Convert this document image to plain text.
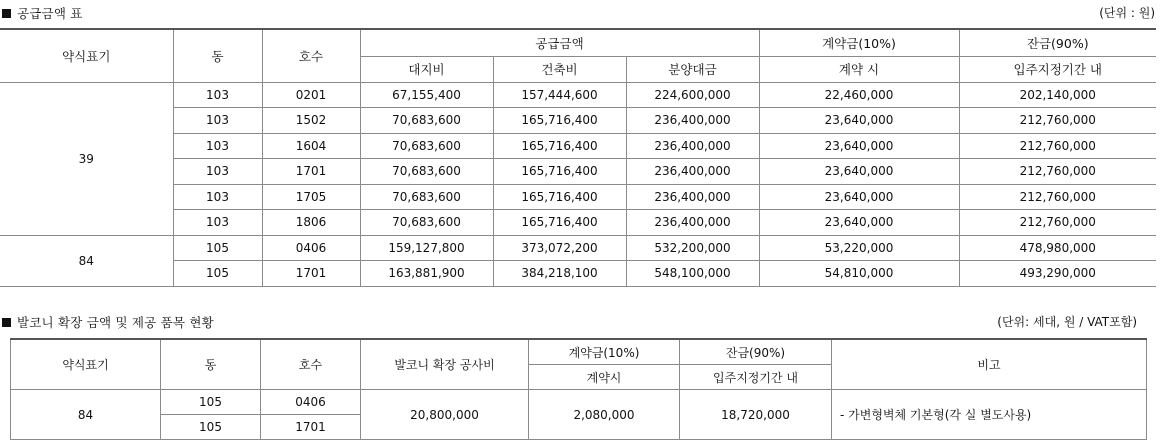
공급금액 표	(단위 : 원)
약식표기	동	호수	공급금액			계약금(10%)	잔금(90%)
			대지비	건축비	분양대금	계약 시	입주지정기간 내
39	103	0201	67,155,400	157,444,600	224,600,000	22,460,000	202,140,000
	103	1502	70,683,600	165,716,400	236,400,000	23,640,000	212,760,000
	103	1604	70,683,600	165,716,400	236,400,000	23,640,000	212,760,000
	103	1701	70,683,600	165,716,400	236,400,000	23,640,000	212,760,000
	103	1705	70,683,600	165,716,400	236,400,000	23,640,000	212,760,000
	103	1806	70,683,600	165,716,400	236,400,000	23,640,000	212,760,000
84	105	0406	159,127,800	373,072,200	532,200,000	53,220,000	478,980,000
	105	1701	163,881,900	384,218,100	548,100,000	54,810,000	493,290,000
발코니 확장 금액 및 제공 품목 현황	(단위: 세대, 원 / VAT포함)
약식표기	동	호수	발코니 확장 공사비	계약금(10%)	잔금(90%)	비고
				계약시	입주지정기간 내	
84	105	0406	20,800,000	2,080,000	18,720,000	- 가변형벽체 기본형(각 실 별도사용)
	105	1701				
